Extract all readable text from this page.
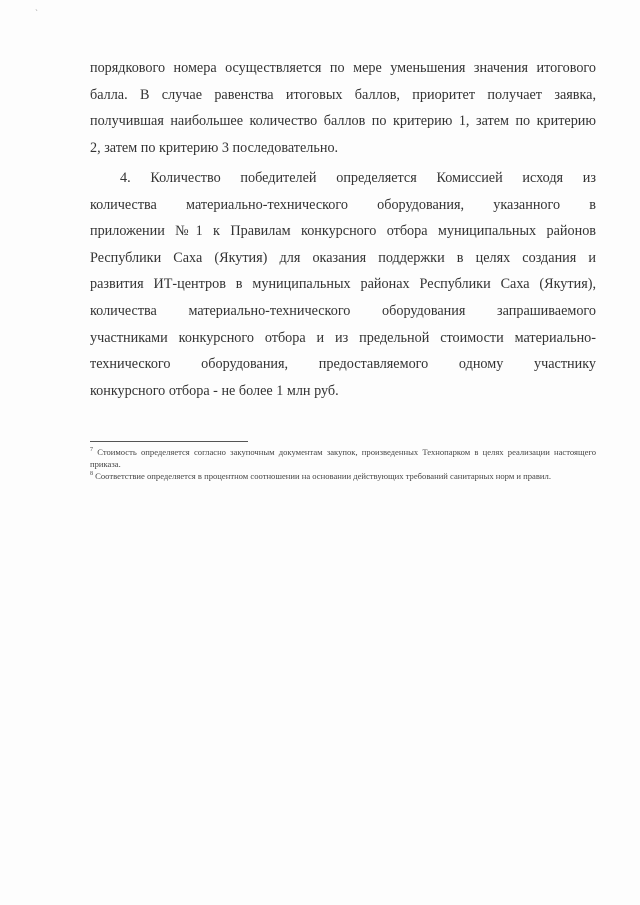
`
порядкового номера осуществляется по мере уменьшения значения итогового
балла. В случае равенства итоговых баллов, приоритет получает заявка,
получившая наибольшее количество баллов по критерию 1, затем по критерию
2, затем по критерию 3 последовательно.
4. Количество победителей определяется Комиссией исходя из
количества материально-технического оборудования, указанного в
приложении №1 к Правилам конкурсного отбора муниципальных районов
Республики Саха (Якутия) для оказания поддержки в целях создания и
развития ИТ-центров в муниципальных районах Республики Саха (Якутия),
количества материально-технического оборудования запрашиваемого
участниками конкурсного отбора и из предельной стоимости материально-
технического оборудования, предоставляемого одному участнику
конкурсного отбора - не более 1 млн руб.
$^7$ Стоимость определяется согласно закупочным документам закупок, произведенных Технопарком в целях реализации настоящего приказа.
$^8$ Соответствие определяется в процентном соотношении на основании действующих требований санитарных норм и правил.
